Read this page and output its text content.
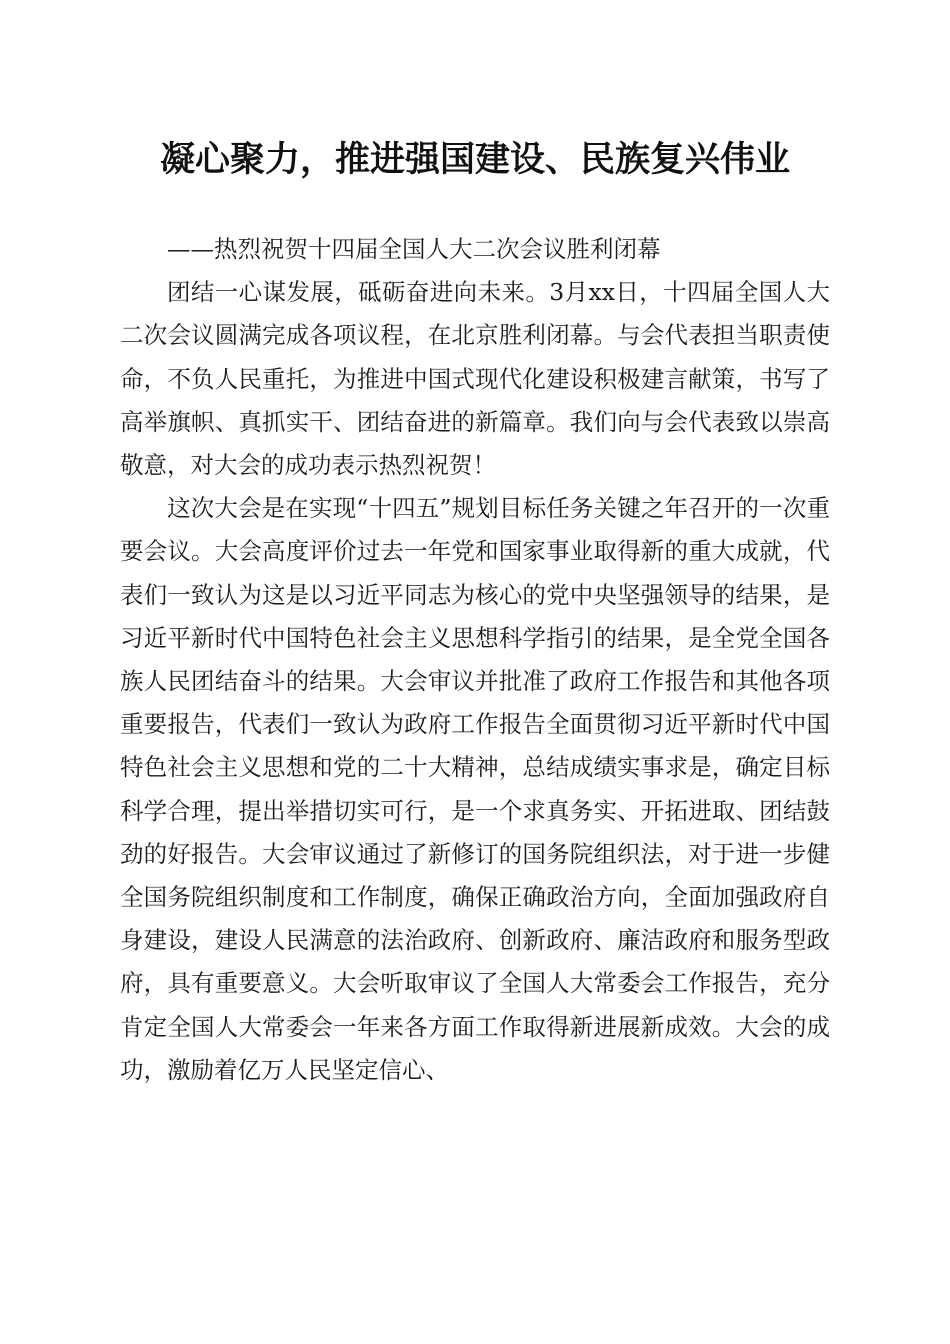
凝心聚力，推进强国建设、民族复兴伟业

——热烈祝贺十四届全国人大二次会议胜利闭幕

团结一心谋发展，砥砺奋进向未来。3月xx日，十四届全国人大二次会议圆满完成各项议程，在北京胜利闭幕。与会代表担当职责使命，不负人民重托，为推进中国式现代化建设积极建言献策，书写了高举旗帜、真抓实干、团结奋进的新篇章。我们向与会代表致以崇高敬意，对大会的成功表示热烈祝贺！

这次大会是在实现“十四五”规划目标任务关键之年召开的一次重要会议。大会高度评价过去一年党和国家事业取得新的重大成就，代表们一致认为这是以习近平同志为核心的党中央坚强领导的结果，是习近平新时代中国特色社会主义思想科学指引的结果，是全党全国各族人民团结奋斗的结果。大会审议并批准了政府工作报告和其他各项重要报告，代表们一致认为政府工作报告全面贯彻习近平新时代中国特色社会主义思想和党的二十大精神，总结成绩实事求是，确定目标科学合理，提出举措切实可行，是一个求真务实、开拓进取、团结鼓劲的好报告。大会审议通过了新修订的国务院组织法，对于进一步健全国务院组织制度和工作制度，确保正确政治方向，全面加强政府自身建设，建设人民满意的法治政府、创新政府、廉洁政府和服务型政府，具有重要意义。大会听取审议了全国人大常委会工作报告，充分肯定全国人大常委会一年来各方面工作取得新进展新成效。大会的成功，激励着亿万人民坚定信心、
